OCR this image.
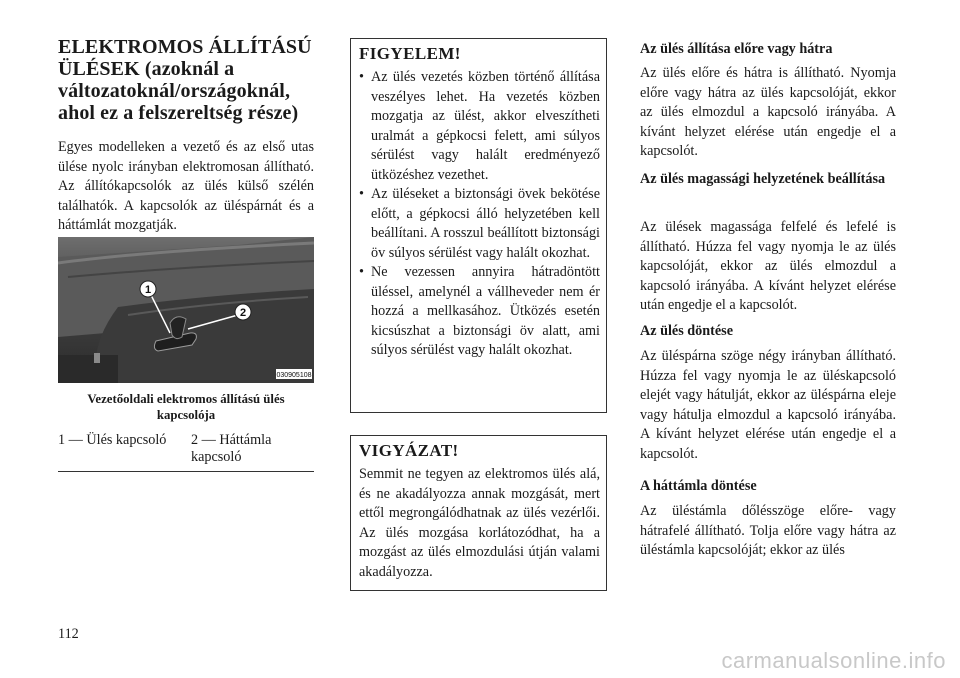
ELEKTROMOS ÁLLÍTÁSÚ ÜLÉSEK (azoknál a változatoknál/országoknál, ahol ez a felszereltség része)

Egyes modelleken a vezető és az első utas ülése nyolc irányban elektromosan állítható. Az állítókapcsolók az ülés külső szélén találhatók. A kapcsolók az üléspárnát és a háttámlát mozgatják.

1
2
030905108

Vezetőoldali elektromos állítású ülés kapcsolója

1 — Ülés kapcsoló 2 — Háttámla kapcsoló

FIGYELEM!

• Az ülés vezetés közben történő állítása veszélyes lehet. Ha vezetés közben mozgatja az ülést, akkor elveszítheti uralmát a gépkocsi felett, ami súlyos sérülést vagy halált eredményező ütközéshez vezethet.
• Az üléseket a biztonsági övek bekötése előtt, a gépkocsi álló helyzetében kell beállítani. A rosszul beállított biztonsági öv súlyos sérülést vagy halált okozhat.
• Ne vezessen annyira hátradöntött üléssel, amelynél a vállheveder nem ér hozzá a mellkasához. Ütközés esetén kicsúszhat a biztonsági öv alatt, ami súlyos sérülést vagy halált okozhat.

VIGYÁZAT!

Semmit ne tegyen az elektromos ülés alá, és ne akadályozza annak mozgását, mert ettől megrongálódhatnak az ülés vezérlői. Az ülés mozgása korlátozódhat, ha a mozgást az ülés elmozdulási útján valami akadályozza.

Az ülés állítása előre vagy hátra

Az ülés előre és hátra is állítható. Nyomja előre vagy hátra az ülés kapcsolóját, ekkor az ülés elmozdul a kapcsoló irányába. A kívánt helyzet elérése után engedje el a kapcsolót.

Az ülés magassági helyzetének beállítása

Az ülések magassága felfelé és lefelé is állítható. Húzza fel vagy nyomja le az ülés kapcsolóját, ekkor az ülés elmozdul a kapcsoló irányába. A kívánt helyzet elérése után engedje el a kapcsolót.

Az ülés döntése

Az üléspárna szöge négy irányban állítható. Húzza fel vagy nyomja le az üléskapcsoló elejét vagy hátulját, ekkor az üléspárna eleje vagy hátulja elmozdul a kapcsoló irányába. A kívánt helyzet elérése után engedje el a kapcsolót.

A háttámla döntése

Az üléstámla dőlésszöge előre- vagy hátrafelé állítható. Tolja előre vagy hátra az üléstámla kapcsolóját; ekkor az ülés

112
carmanualsonline.info
